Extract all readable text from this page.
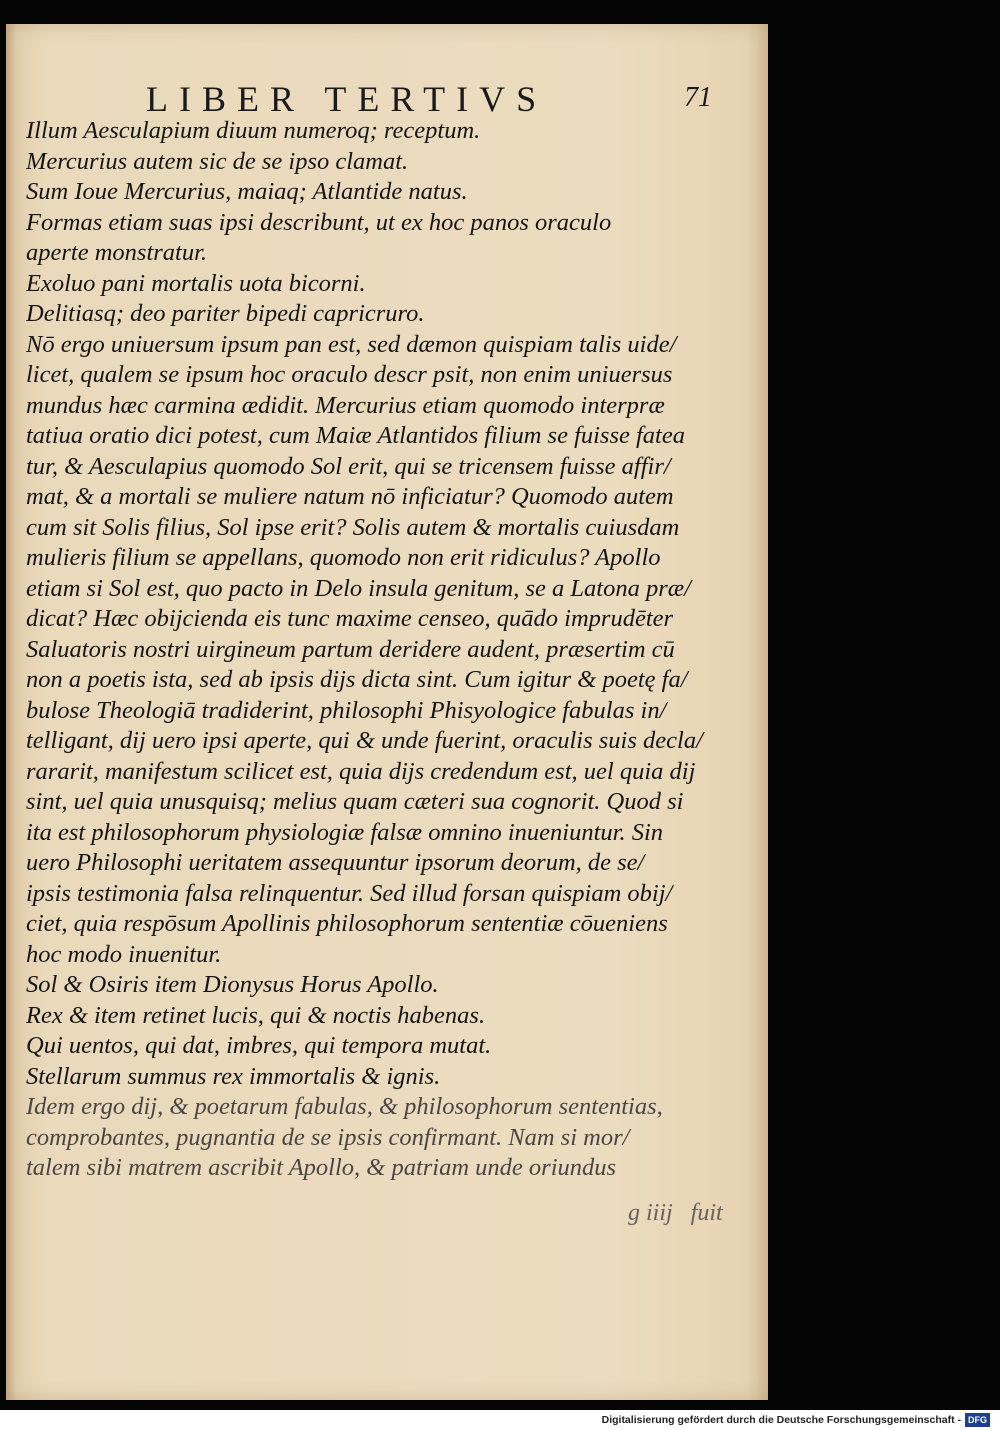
LIBER TERTIVS	71
Illum Aesculapium diuum numeroq; receptum.
Mercurius autem sic de se ipso clamat.
Sum Ioue Mercurius, maiaq; Atlantide natus.
Formas etiam suas ipsi describunt, ut ex hoc panos oraculo
aperte monstratur.
Exoluo pani mortalis uota bicorni.
Delitiasq; deo pariter bipedi capricruro.
Nō ergo uniuersum ipsum pan est, sed dæmon quispiam talis uide/
licet, qualem se ipsum hoc oraculo descr psit, non enim uniuersus
mundus hæc carmina ædidit. Mercurius etiam quomodo interpræ
tatiua oratio dici potest, cum Maiæ Atlantidos filium se fuisse fatea
tur, & Aesculapius quomodo Sol erit, qui se tricensem fuisse affir/
mat, & a mortali se muliere natum nō inficiatur? Quomodo autem
cum sit Solis filius, Sol ipse erit? Solis autem & mortalis cuiusdam
mulieris filium se appellans, quomodo non erit ridiculus? Apollo
etiam si Sol est, quo pacto in Delo insula genitum, se a Latona præ/
dicat? Hæc obijcienda eis tunc maxime censeo, quādo imprudēter
Saluatoris nostri uirgineum partum deridere audent, præsertim cū
non a poetis ista, sed ab ipsis dijs dicta sint. Cum igitur & poetę fa/
bulose Theologiā tradiderint, philosophi Phisyologice fabulas in/
telligant, dij uero ipsi aperte, qui & unde fuerint, oraculis suis decla/
rararit, manifestum scilicet est, quia dijs credendum est, uel quia dij
sint, uel quia unusquisq; melius quam cæteri sua cognorit. Quod si
ita est philosophorum physiologiæ falsæ omnino inueniuntur. Sin
uero Philosophi ueritatem assequuntur ipsorum deorum, de se/
ipsis testimonia falsa relinquentur. Sed illud forsan quispiam obij/
ciet, quia respōsum Apollinis philosophorum sententiæ cōueniens
hoc modo inuenitur.
Sol & Osiris item Dionysus Horus Apollo.
Rex & item retinet lucis, qui & noctis habenas.
Qui uentos, qui dat, imbres, qui tempora mutat.
Stellarum summus rex immortalis & ignis.
Idem ergo dij, & poetarum fabulas, & philosophorum sententias,
comprobantes, pugnantia de se ipsis confirmant. Nam si mor/
talem sibi matrem ascribit Apollo, & patriam unde oriundus
g iiij   fuit
Digitalisierung gefördert durch die Deutsche Forschungsgemeinschaft - DFG
